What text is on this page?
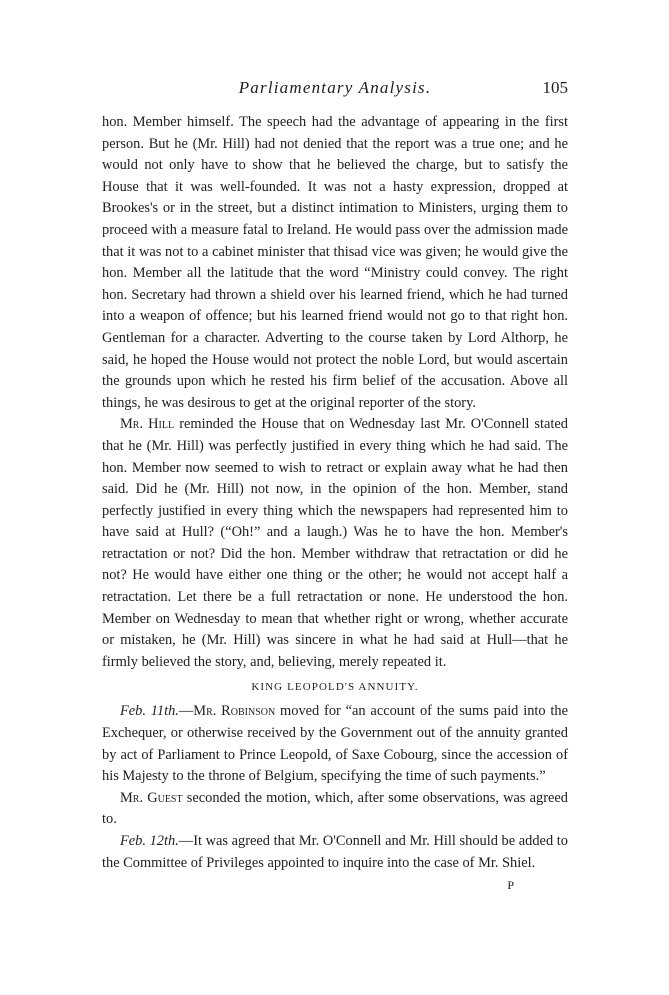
Parliamentary Analysis.	105

hon. Member himself. The speech had the advantage of appearing in the first person. But he (Mr. Hill) had not denied that the report was a true one; and he would not only have to show that he believed the charge, but to satisfy the House that it was well-founded. It was not a hasty expression, dropped at Brookes's or in the street, but a distinct intimation to Ministers, urging them to proceed with a measure fatal to Ireland. He would pass over the admission made that it was not to a cabinet minister that thisad vice was given; he would give the hon. Member all the latitude that the word “Ministry could convey. The right hon. Secretary had thrown a shield over his learned friend, which he had turned into a weapon of offence; but his learned friend would not go to that right hon. Gentleman for a character. Adverting to the course taken by Lord Althorp, he said, he hoped the House would not protect the noble Lord, but would ascertain the grounds upon which he rested his firm belief of the accusation. Above all things, he was desirous to get at the original reporter of the story.

Mr. Hill reminded the House that on Wednesday last Mr. O'Connell stated that he (Mr. Hill) was perfectly justified in every thing which he had said. The hon. Member now seemed to wish to retract or explain away what he had then said. Did he (Mr. Hill) not now, in the opinion of the hon. Member, stand perfectly justified in every thing which the newspapers had represented him to have said at Hull? (“Oh!” and a laugh.) Was he to have the hon. Member's retractation or not? Did the hon. Member withdraw that retractation or did he not? He would have either one thing or the other; he would not accept half a retractation. Let there be a full retractation or none. He understood the hon. Member on Wednesday to mean that whether right or wrong, whether accurate or mistaken, he (Mr. Hill) was sincere in what he had said at Hull—that he firmly believed the story, and, believing, merely repeated it.

KING LEOPOLD'S ANNUITY.

Feb. 11th.—Mr. Robinson moved for “an account of the sums paid into the Exchequer, or otherwise received by the Government out of the annuity granted by act of Parliament to Prince Leopold, of Saxe Cobourg, since the accession of his Majesty to the throne of Belgium, specifying the time of such payments.”

Mr. Guest seconded the motion, which, after some observations, was agreed to.

Feb. 12th.—It was agreed that Mr. O'Connell and Mr. Hill should be added to the Committee of Privileges appointed to inquire into the case of Mr. Shiel.

P
